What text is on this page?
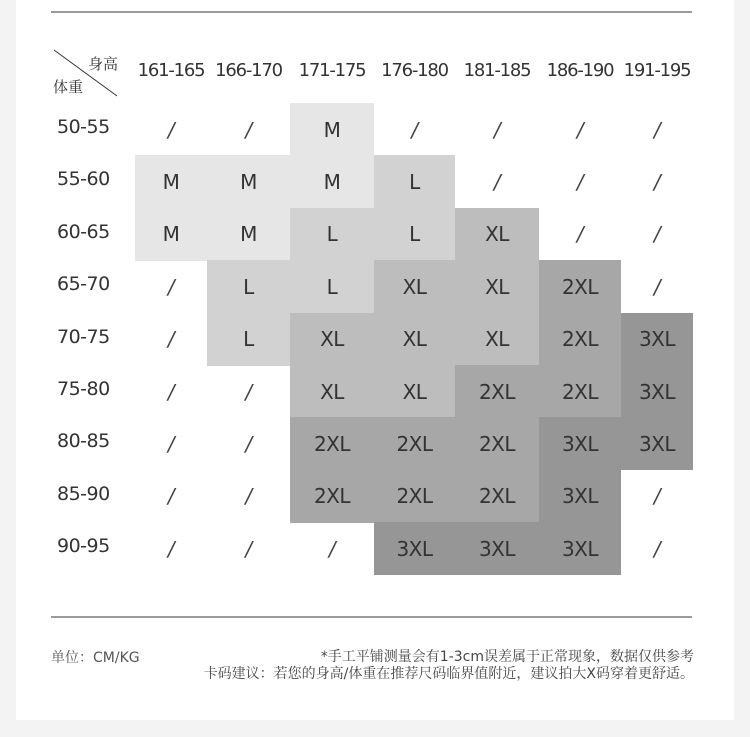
身高
体重
161-165 166-170 171-175 176-180 181-185 186-190 191-195
50-55	/	/	M	/	/	/	/
55-60	M	M	M	L	/	/	/
60-65	M	M	L	L	XL	/	/
65-70	/	L	L	XL	XL	2XL	/
70-75	/	L	XL	XL	XL	2XL	3XL
75-80	/	/	XL	XL	2XL	2XL	3XL
80-85	/	/	2XL	2XL	2XL	3XL	3XL
85-90	/	/	2XL	2XL	2XL	3XL	/
90-95	/	/	/	3XL	3XL	3XL	/
单位：CM/KG	*手工平铺测量会有1-3cm误差属于正常现象，数据仅供参考
卡码建议：若您的身高/体重在推荐尺码临界值附近，建议拍大X码穿着更舒适。
